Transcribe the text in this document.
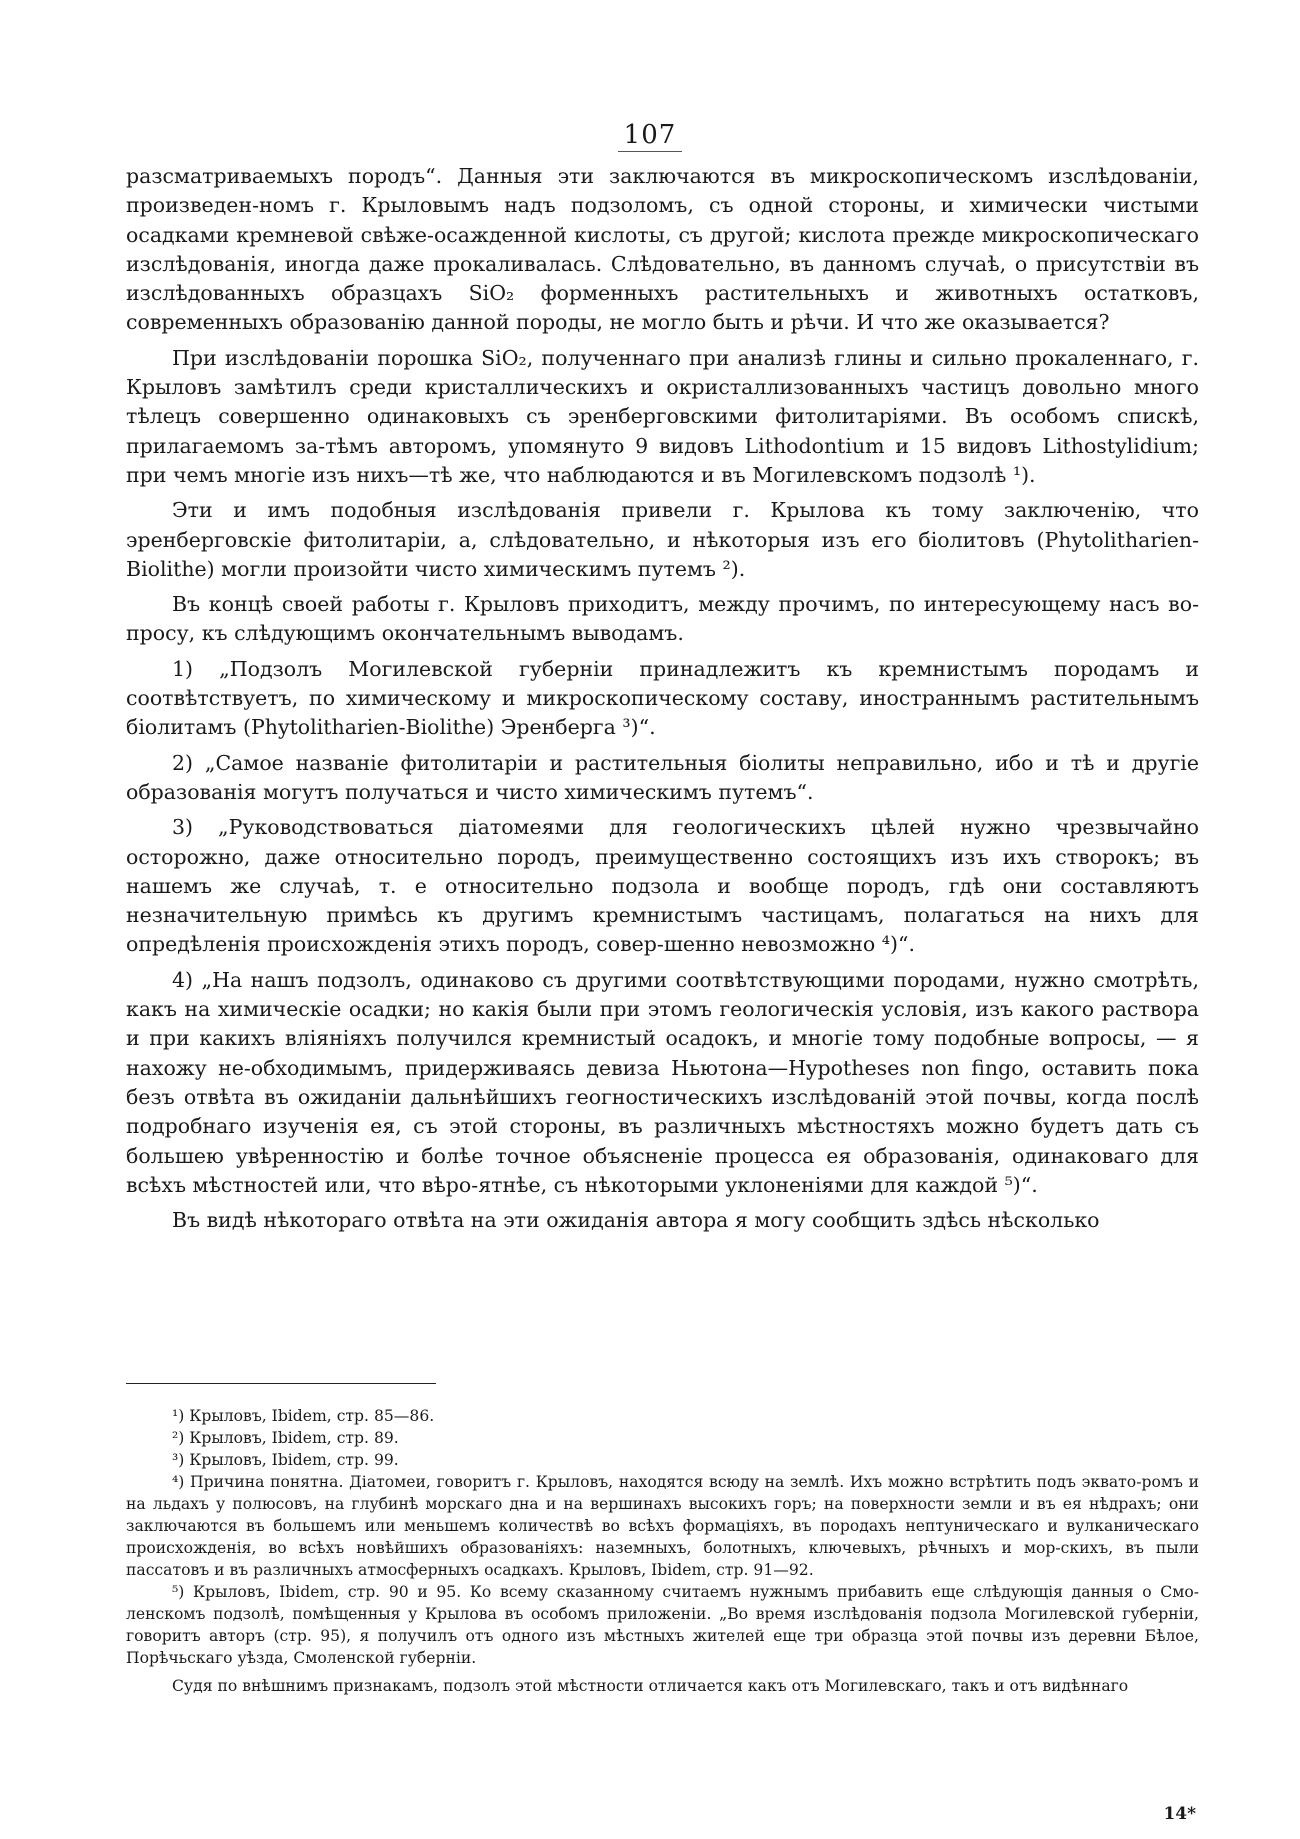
107

разсматриваемыхъ породъ“. Данныя эти заключаются въ микроскопическомъ изслѣдованіи, произведен-номъ г. Крыловымъ надъ подзоломъ, съ одной стороны, и химически чистыми осадками кремневой свѣже-осажденной кислоты, съ другой; кислота прежде микроскопическаго изслѣдованія, иногда даже прокаливалась. Слѣдовательно, въ данномъ случаѣ, о присутствіи въ изслѣдованныхъ образцахъ SiO₂ форменныхъ растительныхъ и животныхъ остатковъ, современныхъ образованію данной породы, не могло быть и рѣчи. И что же оказывается?

При изслѣдованіи порошка SiO₂, полученнаго при анализѣ глины и сильно прокаленнаго, г. Крыловъ замѣтилъ среди кристаллическихъ и окристаллизованныхъ частицъ довольно много тѣлецъ совершенно одинаковыхъ съ эренберговскими фитолитаріями. Въ особомъ спискѣ, прилагаемомъ за-тѣмъ авторомъ, упомянуто 9 видовъ Lithodontium и 15 видовъ Lithostylidium; при чемъ многіе изъ нихъ—тѣ же, что наблюдаются и въ Могилевскомъ подзолѣ ¹).

Эти и имъ подобныя изслѣдованія привели г. Крылова къ тому заключенію, что эренберговскіе фитолитаріи, а, слѣдовательно, и нѣкоторыя изъ его біолитовъ (Phytolitharien-Biolithe) могли произойти чисто химическимъ путемъ ²).

Въ концѣ своей работы г. Крыловъ приходитъ, между прочимъ, по интересующему насъ во-просу, къ слѣдующимъ окончательнымъ выводамъ.

1) „Подзолъ Могилевской губерніи принадлежитъ къ кремнистымъ породамъ и соотвѣтствуетъ, по химическому и микроскопическому составу, иностраннымъ растительнымъ біолитамъ (Phytolitharien-Biolithe) Эренберга ³)“.

2) „Самое названіе фитолитаріи и растительныя біолиты неправильно, ибо и тѣ и другіе образованія могутъ получаться и чисто химическимъ путемъ“.

3) „Руководствоваться діатомеями для геологическихъ цѣлей нужно чрезвычайно осторожно, даже относительно породъ, преимущественно состоящихъ изъ ихъ створокъ; въ нашемъ же случаѣ, т. е относительно подзола и вообще породъ, гдѣ они составляютъ незначительную примѣсь къ другимъ кремнистымъ частицамъ, полагаться на нихъ для опредѣленія происхожденія этихъ породъ, совер-шенно невозможно ⁴)“.

4) „На нашъ подзолъ, одинаково съ другими соотвѣтствующими породами, нужно смотрѣть, какъ на химическіе осадки; но какія были при этомъ геологическія условія, изъ какого раствора и при какихъ вліяніяхъ получился кремнистый осадокъ, и многіе тому подобные вопросы, — я нахожу не-обходимымъ, придерживаясь девиза Ньютона—Hypotheses non fingo, оставить пока безъ отвѣта въ ожиданіи дальнѣйшихъ геогностическихъ изслѣдованій этой почвы, когда послѣ подробнаго изученія ея, съ этой стороны, въ различныхъ мѣстностяхъ можно будетъ дать съ большею увѣренностію и болѣе точное объясненіе процесса ея образованія, одинаковаго для всѣхъ мѣстностей или, что вѣро-ятнѣе, съ нѣкоторыми уклоненіями для каждой ⁵)“.

Въ видѣ нѣкотораго отвѣта на эти ожиданія автора я могу сообщить здѣсь нѣсколько

¹) Крыловъ, Ibidem, стр. 85—86.

²) Крыловъ, Ibidem, стр. 89.

³) Крыловъ, Ibidem, стр. 99.

⁴) Причина понятна. Діатомеи, говоритъ г. Крыловъ, находятся всюду на землѣ. Ихъ можно встрѣтить подъ эквато-ромъ и на льдахъ у полюсовъ, на глубинѣ морскаго дна и на вершинахъ высокихъ горъ; на поверхности земли и въ ея нѣдрахъ; они заключаются въ большемъ или меньшемъ количествѣ во всѣхъ формаціяхъ, въ породахъ нептуническаго и вулканическаго происхожденія, во всѣхъ новѣйшихъ образованіяхъ: наземныхъ, болотныхъ, ключевыхъ, рѣчныхъ и мор-скихъ, въ пыли пассатовъ и въ различныхъ атмосферныхъ осадкахъ. Крыловъ, Ibidem, стр. 91—92.

⁵) Крыловъ, Ibidem, стр. 90 и 95. Ко всему сказанному считаемъ нужнымъ прибавить еще слѣдующія данныя о Смо-ленскомъ подзолѣ, помѣщенныя у Крылова въ особомъ приложеніи. „Во время изслѣдованія подзола Могилевской губерніи, говоритъ авторъ (стр. 95), я получилъ отъ одного изъ мѣстныхъ жителей еще три образца этой почвы изъ деревни Бѣлое, Порѣчьскаго уѣзда, Смоленской губерніи.

Судя по внѣшнимъ признакамъ, подзолъ этой мѣстности отличается какъ отъ Могилевскаго, такъ и отъ видѣннаго

14*
